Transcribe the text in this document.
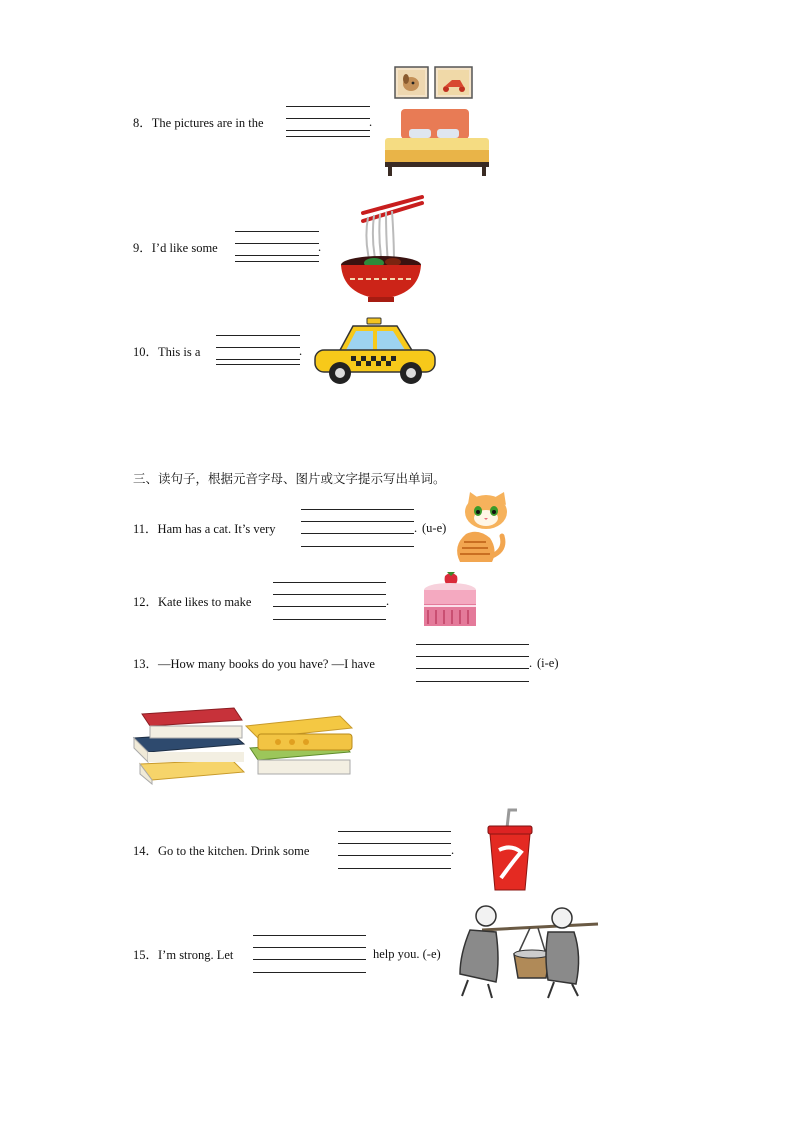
8．The pictures are in the	.
9．I’d like some	.
10．This is a	.
三、读句子，根据元音字母、图片或文字提示写出单词。
11．Ham has a cat. It’s very	. (u-e)
12．Kate likes to make	.
13．—How many books do you have? —I have	. (i-e)
14．Go to the kitchen. Drink some	.
15．I’m strong. Let	help you. (-e)
